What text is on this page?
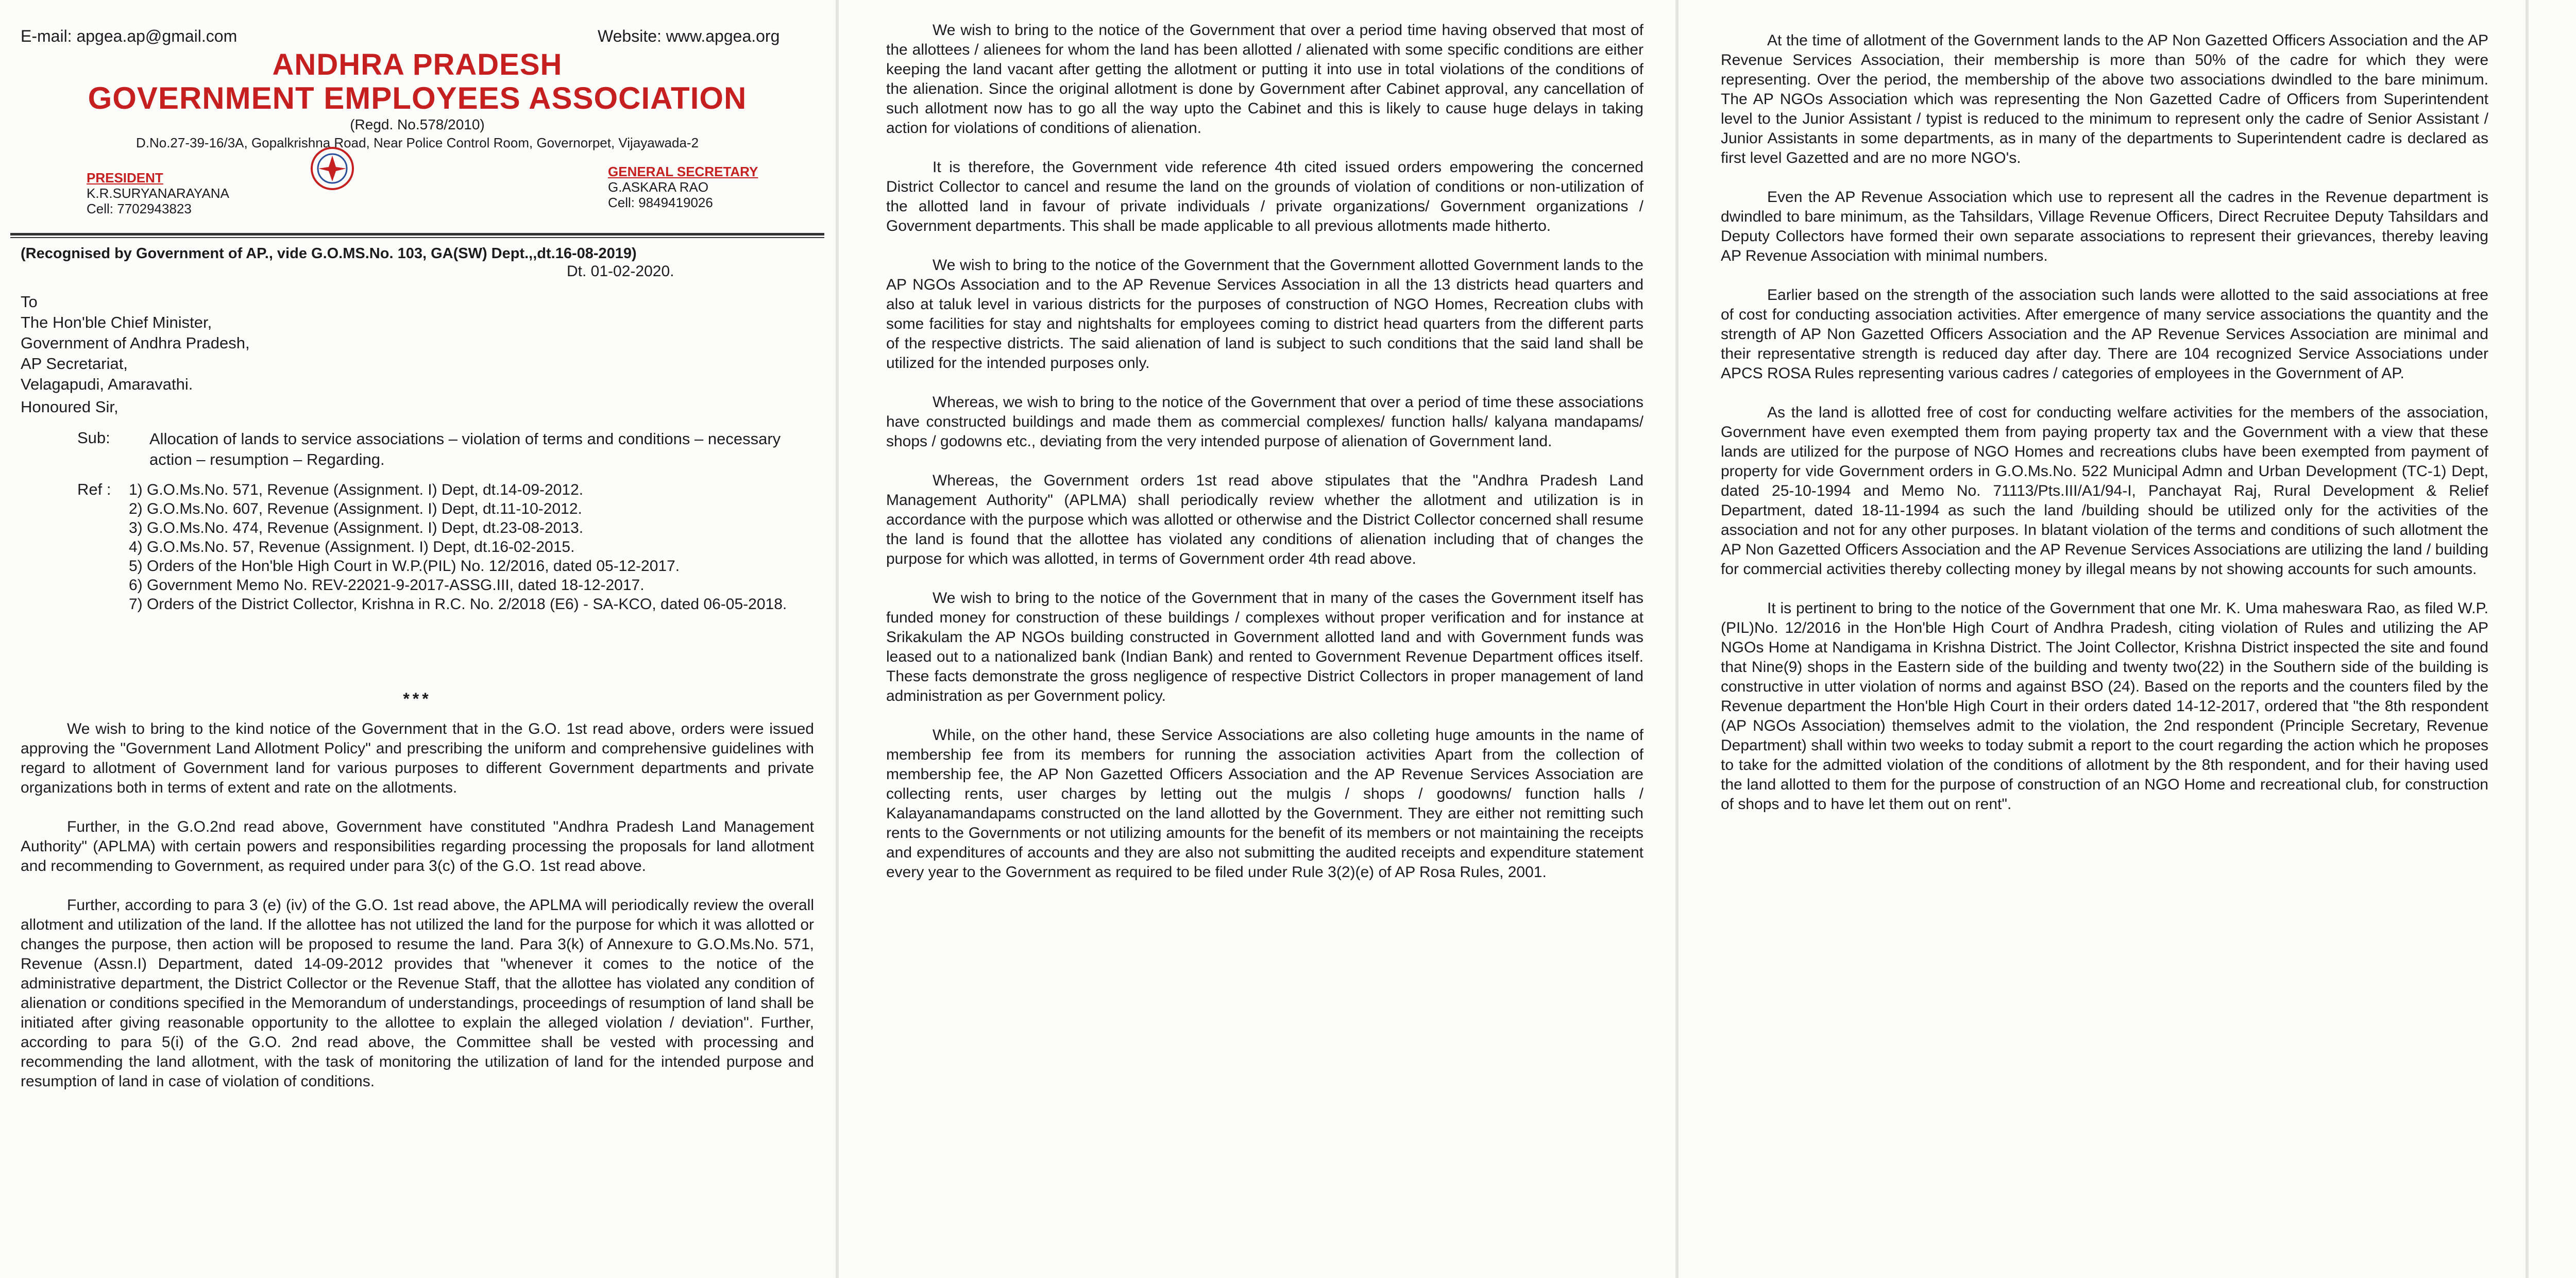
E-mail: apgea.ap@gmail.com	Website: www.apgea.org
ANDHRA PRADESH
GOVERNMENT EMPLOYEES ASSOCIATION
(Regd. No.578/2010)
D.No.27-39-16/3A, Gopalkrishna Road, Near Police Control Room, Governorpet, Vijayawada-2
PRESIDENT
K.R.SURYANARAYANA
Cell: 7702943823
GENERAL SECRETARY
G.ASKARA RAO
Cell: 9849419026
(Recognised by Government of AP., vide G.O.MS.No. 103, GA(SW) Dept.,,dt.16-08-2019)
Dt. 01-02-2020.
To
The Hon'ble Chief Minister,
Government of Andhra Pradesh,
AP Secretariat,
Velagapudi, Amaravathi.
Honoured Sir,
Sub: Allocation of lands to service associations – violation of terms and conditions – necessary action – resumption – Regarding.
Ref : 1) G.O.Ms.No. 571, Revenue (Assignment. I) Dept, dt.14-09-2012.
2) G.O.Ms.No. 607, Revenue (Assignment. I) Dept, dt.11-10-2012.
3) G.O.Ms.No. 474, Revenue (Assignment. I) Dept, dt.23-08-2013.
4) G.O.Ms.No. 57, Revenue (Assignment. I) Dept, dt.16-02-2015.
5) Orders of the Hon'ble High Court in W.P.(PIL) No. 12/2016, dated 05-12-2017.
6) Government Memo No. REV-22021-9-2017-ASSG.III, dated 18-12-2017.
7) Orders of the District Collector, Krishna in R.C. No. 2/2018 (E6) - SA-KCO, dated 06-05-2018.
***

We wish to bring to the kind notice of the Government that in the G.O. 1st read above, orders were issued approving the "Government Land Allotment Policy" and prescribing the uniform and comprehensive guidelines with regard to allotment of Government land for various purposes to different Government departments and private organizations both in terms of extent and rate on the allotments.

Further, in the G.O.2nd read above, Government have constituted "Andhra Pradesh Land Management Authority" (APLMA) with certain powers and responsibilities regarding processing the proposals for land allotment and recommending to Government, as required under para 3(c) of the G.O. 1st read above.

Further, according to para 3 (e) (iv) of the G.O. 1st read above, the APLMA will periodically review the overall allotment and utilization of the land. If the allottee has not utilized the land for the purpose for which it was allotted or changes the purpose, then action will be proposed to resume the land. Para 3(k) of Annexure to G.O.Ms.No. 571, Revenue (Assn.I) Department, dated 14-09-2012 provides that "whenever it comes to the notice of the administrative department, the District Collector or the Revenue Staff, that the allottee has violated any condition of alienation or conditions specified in the Memorandum of understandings, proceedings of resumption of land shall be initiated after giving reasonable opportunity to the allottee to explain the alleged violation / deviation". Further, according to para 5(i) of the G.O. 2nd read above, the Committee shall be vested with processing and recommending the land allotment, with the task of monitoring the utilization of land for the intended purpose and resumption of land in case of violation of conditions.

We wish to bring to the notice of the Government that over a period time having observed that most of the allottees / alienees for whom the land has been allotted / alienated with some specific conditions are either keeping the land vacant after getting the allotment or putting it into use in total violations of the conditions of the alienation. Since the original allotment is done by Government after Cabinet approval, any cancellation of such allotment now has to go all the way upto the Cabinet and this is likely to cause huge delays in taking action for violations of conditions of alienation.

It is therefore, the Government vide reference 4th cited issued orders empowering the concerned District Collector to cancel and resume the land on the grounds of violation of conditions or non-utilization of the allotted land in favour of private individuals / private organizations/ Government organizations / Government departments. This shall be made applicable to all previous allotments made hitherto.

We wish to bring to the notice of the Government that the Government allotted Government lands to the AP NGOs Association and to the AP Revenue Services Association in all the 13 districts head quarters and also at taluk level in various districts for the purposes of construction of NGO Homes, Recreation clubs with some facilities for stay and nightshalts for employees coming to district head quarters from the different parts of the respective districts. The said alienation of land is subject to such conditions that the said land shall be utilized for the intended purposes only.

Whereas, we wish to bring to the notice of the Government that over a period of time these associations have constructed buildings and made them as commercial complexes/ function halls/ kalyana mandapams/ shops / godowns etc., deviating from the very intended purpose of alienation of Government land.

Whereas, the Government orders 1st read above stipulates that the "Andhra Pradesh Land Management Authority" (APLMA) shall periodically review whether the allotment and utilization is in accordance with the purpose which was allotted or otherwise and the District Collector concerned shall resume the land is found that the allottee has violated any conditions of alienation including that of changes the purpose for which was allotted, in terms of Government order 4th read above.

We wish to bring to the notice of the Government that in many of the cases the Government itself has funded money for construction of these buildings / complexes without proper verification and for instance at Srikakulam the AP NGOs building constructed in Government allotted land and with Government funds was leased out to a nationalized bank (Indian Bank) and rented to Government Revenue Department offices itself. These facts demonstrate the gross negligence of respective District Collectors in proper management of land administration as per Government policy.

While, on the other hand, these Service Associations are also colleting huge amounts in the name of membership fee from its members for running the association activities Apart from the collection of membership fee, the AP Non Gazetted Officers Association and the AP Revenue Services Association are collecting rents, user charges by letting out the mulgis / shops / goodowns/ function halls / Kalayanamandapams constructed on the land allotted by the Government. They are either not remitting such rents to the Governments or not utilizing amounts for the benefit of its members or not maintaining the receipts and expenditures of accounts and they are also not submitting the audited receipts and expenditure statement every year to the Government as required to be filed under Rule 3(2)(e) of AP Rosa Rules, 2001.

At the time of allotment of the Government lands to the AP Non Gazetted Officers Association and the AP Revenue Services Association, their membership is more than 50% of the cadre for which they were representing. Over the period, the membership of the above two associations dwindled to the bare minimum. The AP NGOs Association which was representing the Non Gazetted Cadre of Officers from Superintendent level to the Junior Assistant / typist is reduced to the minimum to represent only the cadre of Senior Assistant / Junior Assistants in some departments, as in many of the departments to Superintendent cadre is declared as first level Gazetted and are no more NGO's.

Even the AP Revenue Association which use to represent all the cadres in the Revenue department is dwindled to bare minimum, as the Tahsildars, Village Revenue Officers, Direct Recruitee Deputy Tahsildars and Deputy Collectors have formed their own separate associations to represent their grievances, thereby leaving AP Revenue Association with minimal numbers.

Earlier based on the strength of the association such lands were allotted to the said associations at free of cost for conducting association activities. After emergence of many service associations the quantity and the strength of AP Non Gazetted Officers Association and the AP Revenue Services Association are minimal and their representative strength is reduced day after day. There are 104 recognized Service Associations under APCS ROSA Rules representing various cadres / categories of employees in the Government of AP.

As the land is allotted free of cost for conducting welfare activities for the members of the association, Government have even exempted them from paying property tax and the Government with a view that these lands are utilized for the purpose of NGO Homes and recreations clubs have been exempted from payment of property for vide Government orders in G.O.Ms.No. 522 Municipal Admn and Urban Development (TC-1) Dept, dated 25-10-1994 and Memo No. 71113/Pts.III/A1/94-I, Panchayat Raj, Rural Development & Relief Department, dated 18-11-1994 as such the land /building should be utilized only for the activities of the association and not for any other purposes. In blatant violation of the terms and conditions of such allotment the AP Non Gazetted Officers Association and the AP Revenue Services Associations are utilizing the land / building for commercial activities thereby collecting money by illegal means by not showing accounts for such amounts.

It is pertinent to bring to the notice of the Government that one Mr. K. Uma maheswara Rao, as filed W.P.(PIL)No. 12/2016 in the Hon'ble High Court of Andhra Pradesh, citing violation of Rules and utilizing the AP NGOs Home at Nandigama in Krishna District. The Joint Collector, Krishna District inspected the site and found that Nine(9) shops in the Eastern side of the building and twenty two(22) in the Southern side of the building is constructive in utter violation of norms and against BSO (24). Based on the reports and the counters filed by the Revenue department the Hon'ble High Court in their orders dated 14-12-2017, ordered that "the 8th respondent (AP NGOs Association) themselves admit to the violation, the 2nd respondent (Principle Secretary, Revenue Department) shall within two weeks to today submit a report to the court regarding the action which he proposes to take for the admitted violation of the conditions of allotment by the 8th respondent, and for their having used the land allotted to them for the purpose of construction of an NGO Home and recreational club, for construction of shops and to have let them out on rent".
